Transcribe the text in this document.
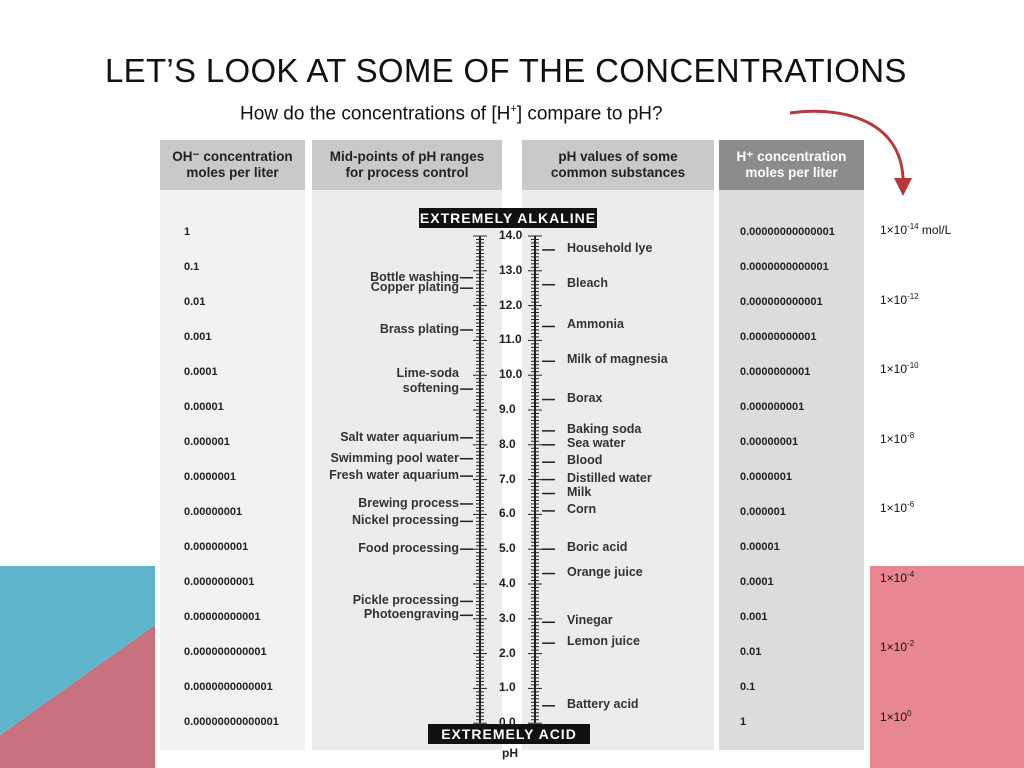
LET’S LOOK AT SOME OF THE CONCENTRATIONS
How do the concentrations of [H+] compare to pH?
OH⁻ concentration
moles per liter
Mid-points of pH ranges
for process control
pH values of some
common substances
H⁺ concentration
moles per liter
1
0.1
0.01
0.001
0.0001
0.00001
0.000001
0.0000001
0.00000001
0.000000001
0.0000000001
0.00000000001
0.000000000001
0.0000000000001
0.00000000000001
0.00000000000001
0.0000000000001
0.000000000001
0.00000000001
0.0000000001
0.000000001
0.00000001
0.0000001
0.000001
0.00001
0.0001
0.001
0.01
0.1
1
$1\times 10^{-14}$ mol/L
$1\times 10^{-12}$
$1\times 10^{-10}$
$1\times 10^{-8}$
$1\times 10^{-6}$
$1\times 10^{-4}$
$1\times 10^{-2}$
$1\times 10^0$
EXTREMELY ALKALINE
EXTREMELY ACID
pH
14.0
13.0
12.0
11.0
10.0
9.0
8.0
7.0
6.0
5.0
4.0
3.0
2.0
1.0
0.0
Bottle washing
Copper plating
Brass plating
Lime-soda
softening
Salt water aquarium
Swimming pool water
Fresh water aquarium
Brewing process
Nickel processing
Food processing
Pickle processing
Photoengraving
Household lye
Bleach
Ammonia
Milk of magnesia
Borax
Baking soda
Sea water
Blood
Distilled water
Milk
Corn
Boric acid
Orange juice
Vinegar
Lemon juice
Battery acid
